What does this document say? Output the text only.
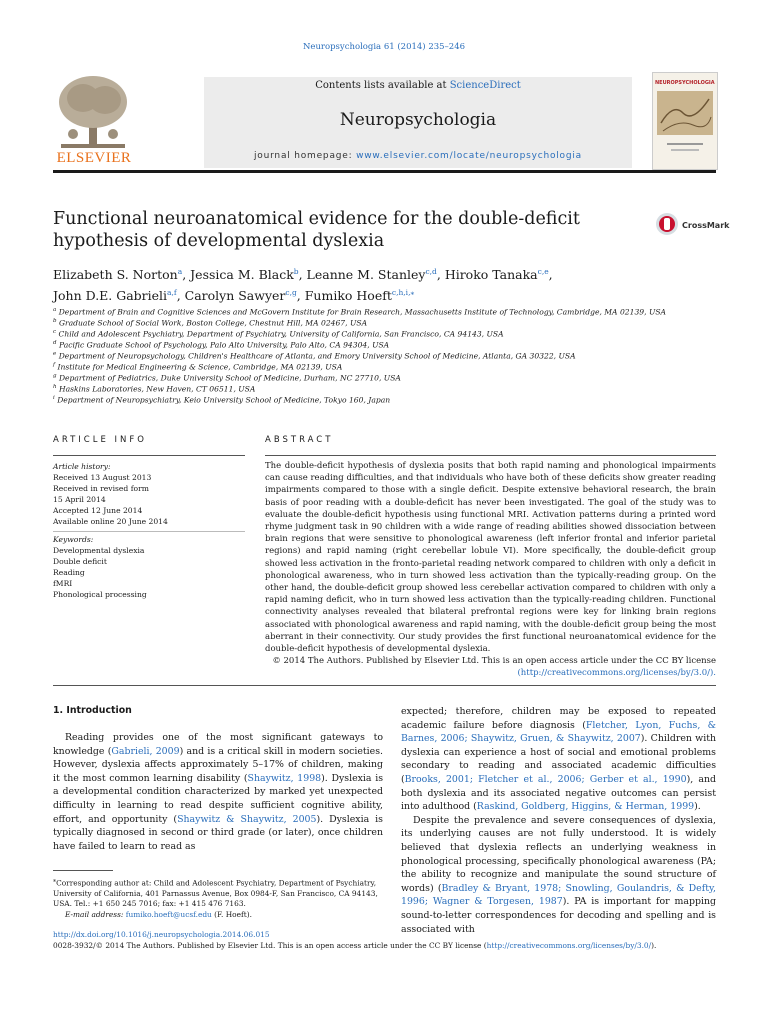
Neuropsychologia 61 (2014) 235–246
ELSEVIER
Contents lists available at ScienceDirect
Neuropsychologia
journal homepage: www.elsevier.com/locate/neuropsychologia
NEUROPSYCHOLOGIA
Functional neuroanatomical evidence for the double-deficit hypothesis of developmental dyslexia
CrossMark
Elizabeth S. Norton$^a$, Jessica M. Black$^b$, Leanne M. Stanley$^{c,d}$, Hiroko Tanaka$^{c,e}$,
John D.E. Gabrieli$^{a,f}$, Carolyn Sawyer$^{c,g}$, Fumiko Hoeft$^{c,h,i,⁎}$
$^a$ Department of Brain and Cognitive Sciences and McGovern Institute for Brain Research, Massachusetts Institute of Technology, Cambridge, MA 02139, USA
$^b$ Graduate School of Social Work, Boston College, Chestnut Hill, MA 02467, USA
$^c$ Child and Adolescent Psychiatry, Department of Psychiatry, University of California, San Francisco, CA 94143, USA
$^d$ Pacific Graduate School of Psychology, Palo Alto University, Palo Alto, CA 94304, USA
$^e$ Department of Neuropsychology, Children's Healthcare of Atlanta, and Emory University School of Medicine, Atlanta, GA 30322, USA
$^f$ Institute for Medical Engineering & Science, Cambridge, MA 02139, USA
$^g$ Department of Pediatrics, Duke University School of Medicine, Durham, NC 27710, USA
$^h$ Haskins Laboratories, New Haven, CT 06511, USA
$^i$ Department of Neuropsychiatry, Keio University School of Medicine, Tokyo 160, Japan
ARTICLE INFO	ABSTRACT
Article history:
Received 13 August 2013
Received in revised form
15 April 2014
Accepted 12 June 2014
Available online 20 June 2014
Keywords:
Developmental dyslexia
Double deficit
Reading
fMRI
Phonological processing
The double-deficit hypothesis of dyslexia posits that both rapid naming and phonological impairments can cause reading difficulties, and that individuals who have both of these deficits show greater reading impairments compared to those with a single deficit. Despite extensive behavioral research, the brain basis of poor reading with a double-deficit has never been investigated. The goal of the study was to evaluate the double-deficit hypothesis using functional MRI. Activation patterns during a printed word rhyme judgment task in 90 children with a wide range of reading abilities showed dissociation between brain regions that were sensitive to phonological awareness (left inferior frontal and inferior parietal regions) and rapid naming (right cerebellar lobule VI). More specifically, the double-deficit group showed less activation in the fronto-parietal reading network compared to children with only a deficit in phonological awareness, who in turn showed less activation than the typically-reading group. On the other hand, the double-deficit group showed less cerebellar activation compared to children with only a rapid naming deficit, who in turn showed less activation than the typically-reading children. Functional connectivity analyses revealed that bilateral prefrontal regions were key for linking brain regions associated with phonological awareness and rapid naming, with the double-deficit group being the most aberrant in their connectivity. Our study provides the first functional neuroanatomical evidence for the double-deficit hypothesis of developmental dyslexia.
© 2014 The Authors. Published by Elsevier Ltd. This is an open access article under the CC BY license
(http://creativecommons.org/licenses/by/3.0/).
1. Introduction

Reading provides one of the most significant gateways to knowledge (Gabrieli, 2009) and is a critical skill in modern societies. However, dyslexia affects approximately 5–17% of children, making it the most common learning disability (Shaywitz, 1998). Dyslexia is a developmental condition characterized by marked yet unexpected difficulty in learning to read despite sufficient cognitive ability, effort, and opportunity (Shaywitz & Shaywitz, 2005). Dyslexia is typically diagnosed in second or third grade (or later), once children have failed to learn to read as

expected; therefore, children may be exposed to repeated academic failure before diagnosis (Fletcher, Lyon, Fuchs, & Barnes, 2006; Shaywitz, Gruen, & Shaywitz, 2007). Children with dyslexia can experience a host of social and emotional problems secondary to reading and associated academic difficulties (Brooks, 2001; Fletcher et al., 2006; Gerber et al., 1990), and both dyslexia and its associated negative outcomes can persist into adulthood (Raskind, Goldberg, Higgins, & Herman, 1999).

Despite the prevalence and severe consequences of dyslexia, its underlying causes are not fully understood. It is widely believed that dyslexia reflects an underlying weakness in phonological processing, specifically phonological awareness (PA; the ability to recognize and manipulate the sound structure of words) (Bradley & Bryant, 1978; Snowling, Goulandris, & Defty, 1996; Wagner & Torgesen, 1987). PA is important for mapping sound-to-letter correspondences for decoding and spelling and is associated with

⁎Corresponding author at: Child and Adolescent Psychiatry, Department of Psychiatry, University of California, 401 Parnassus Avenue, Box 0984-F, San Francisco, CA 94143, USA. Tel.: +1 650 245 7016; fax: +1 415 476 7163.
E-mail address: fumiko.hoeft@ucsf.edu (F. Hoeft).
http://dx.doi.org/10.1016/j.neuropsychologia.2014.06.015
0028-3932/© 2014 The Authors. Published by Elsevier Ltd. This is an open access article under the CC BY license (http://creativecommons.org/licenses/by/3.0/).
